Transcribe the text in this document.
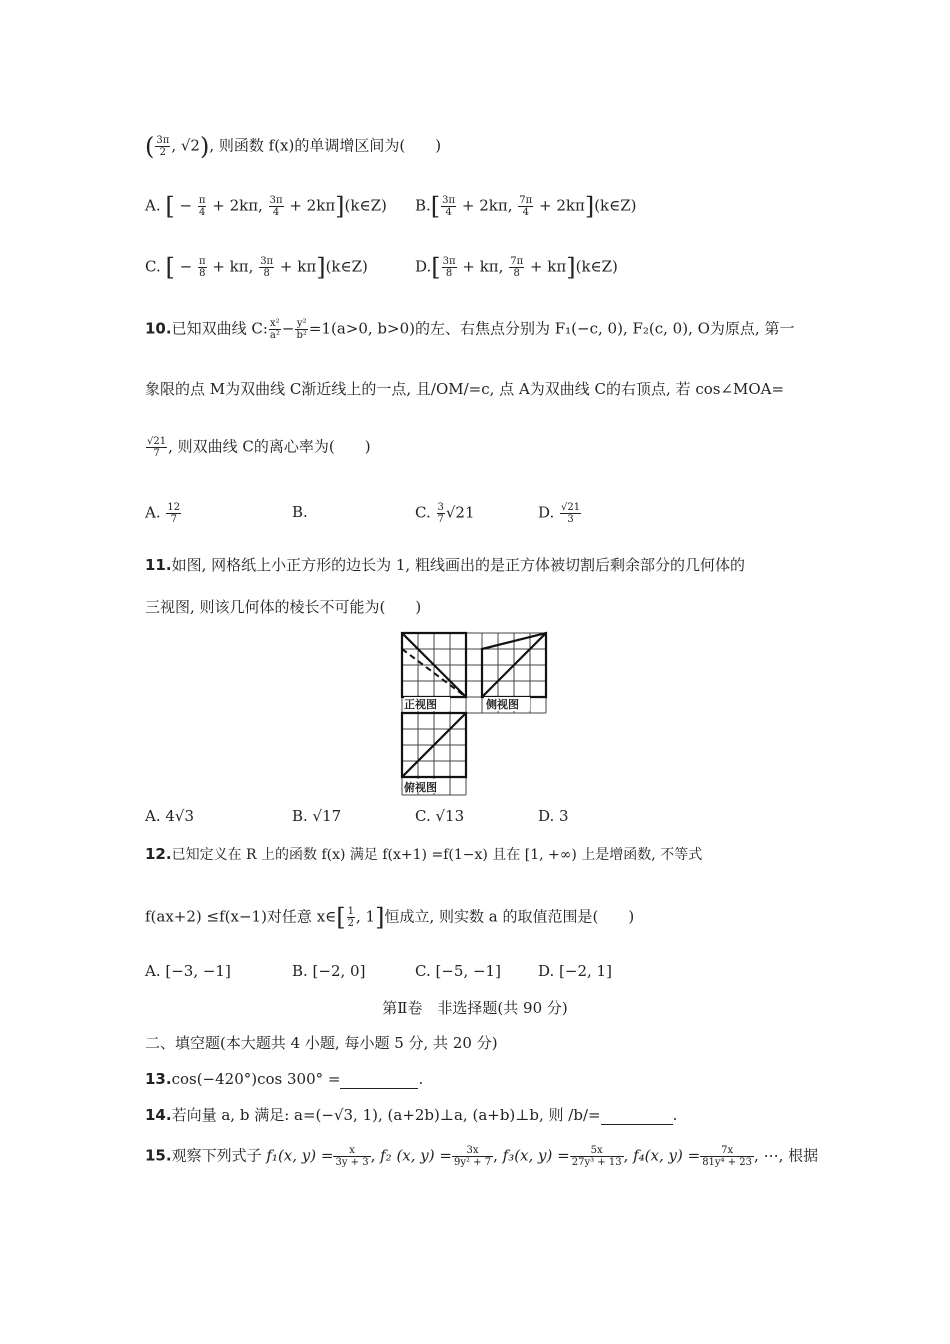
( $\frac{3\pi}{2}$ , √2), 则函数 f(x)的单调增区间为(　　)
A. [ − $\frac{\pi}{4} + 2k\pi$, $\frac{3\pi}{4}$ + 2kπ](k∈Z) $B.[ \frac{3\pi}{4} + 2k\pi$, $\frac{7\pi}{4}$ + 2kπ](k∈Z)
C. [ − $\frac{\pi}{8} + k\pi$, $\frac{3\pi}{8}$ + kπ](k∈Z)	$D.[ \frac{3\pi}{8} + k\pi$, $\frac{7\pi}{8}$ + kπ](k∈Z)
10.已知双曲线 C: $\frac{\text{x²}}{\text{a²}} - \frac{\text{y²}}{\text{b²}} =1(a>0$, b>0)的左、右焦点分别为 F₁(−c, 0), F₂(c, 0), O为原点, 第一
象限的点 M为双曲线 C渐近线上的一点, 且/OM/=c, 点 A为双曲线 C的右顶点, 若 cos∠MOA=
$\frac{√21}{7}$ , 则双曲线 C的离心率为(　　)
A. $\frac{12}{7}$	B.	C. $\frac{3}{7} √21$	D. $\frac{√21}{3}$
11.如图, 网格纸上小正方形的边长为 1, 粗线画出的是正方体被切割后剩余部分的几何体的
三视图, 则该几何体的棱长不可能为(　　)
正视图	侧视图
俯视图
A. 4√3	B. √17	C. √13	D. 3
12.已知定义在 R 上的函数 f(x) 满足 f(x+1) =f(1−x) 且在 [1, +∞) 上是增函数, 不等式
f(ax+2) ≤f(x−1)对任意 x∈[ $\frac{1}{2}$ , 1]恒成立, 则实数 a 的取值范围是(　　)
A. [−3, −1]	B. [−2, 0]	C. [−5, −1] D. [−2, 1]
第Ⅱ卷　非选择题(共 90 分)
二、填空题(本大题共 4 小题, 每小题 5 分, 共 20 分)
13.cos(−420°)cos 300° =	.
14.若向量 a, b 满足: a=(−√3, 1), (a+2b)⊥a, (a+b)⊥b, 则 /b/=	.
15.观察下列式子 f₁(x, $y) = \frac{x}{3y + 3}$ , f₂ (x, $y) = \frac{3x}{\text{9y² + 7}}$ , f₃(x, $y) = \frac{5x}{\text{27y³ + 13}}$ , f₄(x, $y) = \frac{7x}{\text{81y⁴ + 23}}$ , ⋯, 根据
